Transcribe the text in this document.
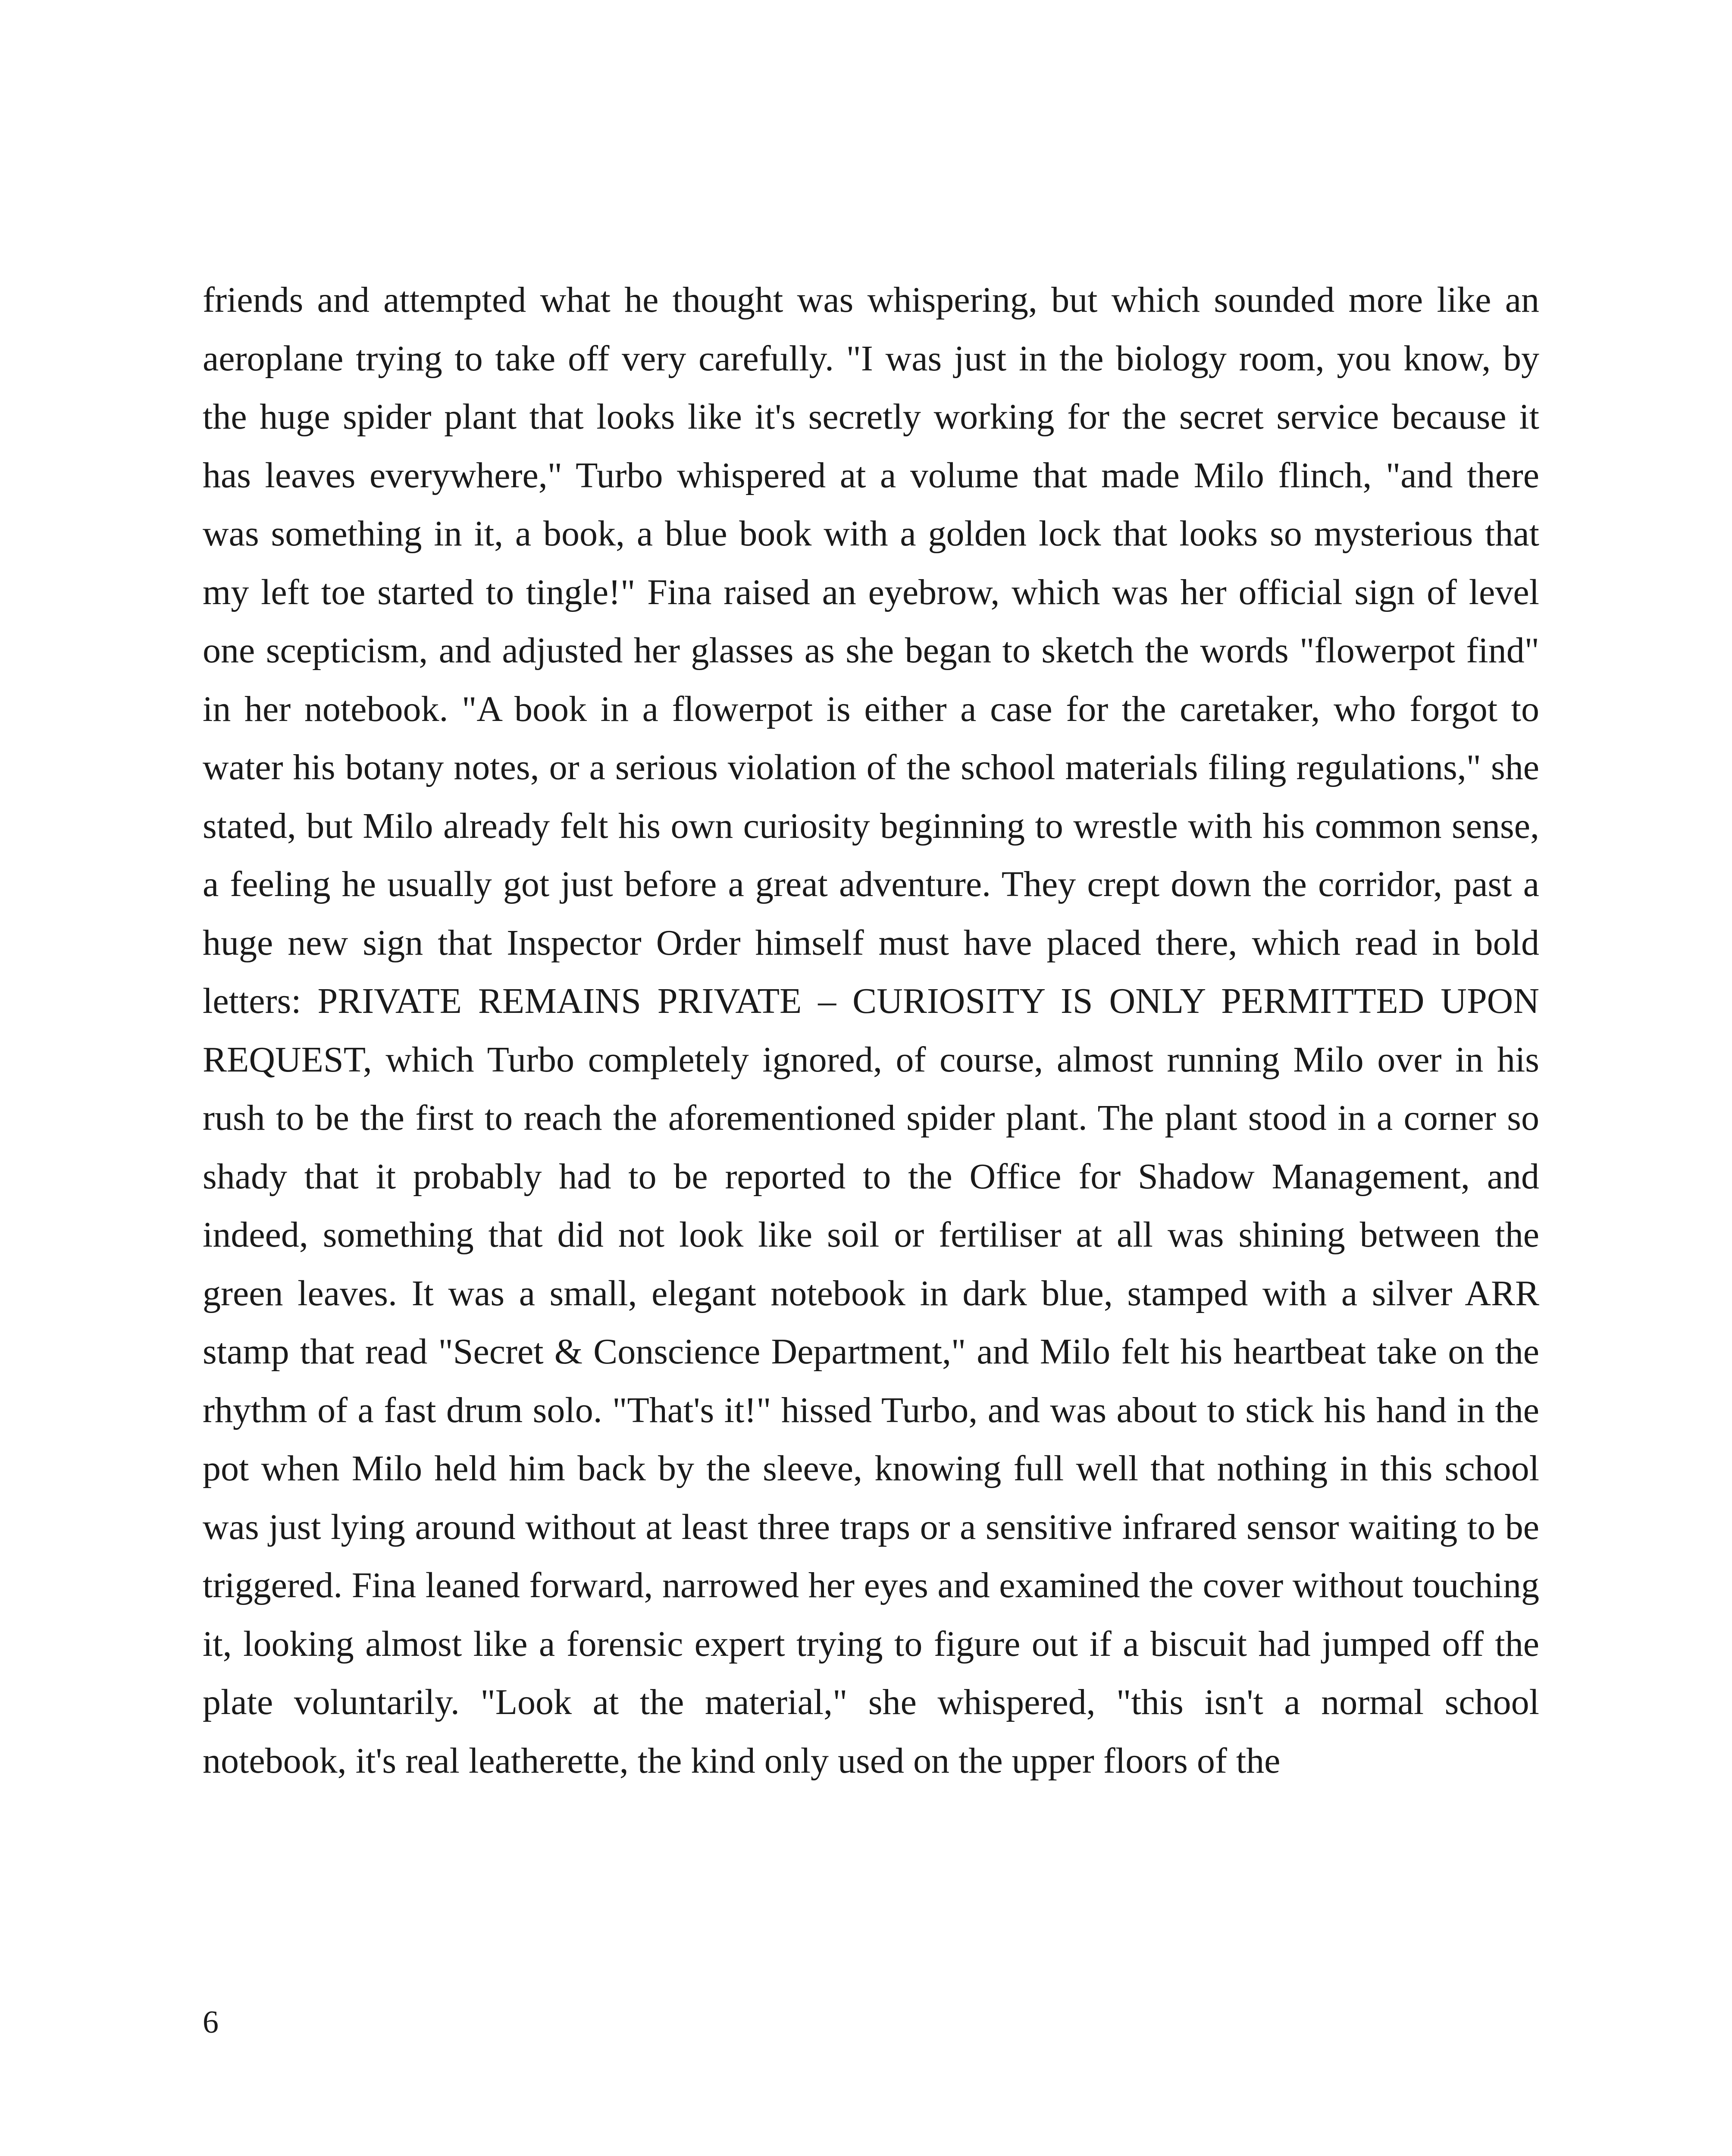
friends and attempted what he thought was whispering, but which sounded more like an aeroplane trying to take off very carefully. "I was just in the biology room, you know, by the huge spider plant that looks like it's secretly working for the secret service because it has leaves everywhere," Turbo whispered at a volume that made Milo flinch, "and there was something in it, a book, a blue book with a golden lock that looks so mysterious that my left toe started to tingle!" Fina raised an eyebrow, which was her official sign of level one scepticism, and adjusted her glasses as she began to sketch the words "flowerpot find" in her notebook. "A book in a flowerpot is either a case for the caretaker, who forgot to water his botany notes, or a serious violation of the school materials filing regulations," she stated, but Milo already felt his own curiosity beginning to wrestle with his common sense, a feeling he usually got just before a great adventure. They crept down the corridor, past a huge new sign that Inspector Order himself must have placed there, which read in bold letters: PRIVATE REMAINS PRIVATE – CURIOSITY IS ONLY PERMITTED UPON REQUEST, which Turbo completely ignored, of course, almost running Milo over in his rush to be the first to reach the aforementioned spider plant. The plant stood in a corner so shady that it probably had to be reported to the Office for Shadow Management, and indeed, something that did not look like soil or fertiliser at all was shining between the green leaves. It was a small, elegant notebook in dark blue, stamped with a silver ARR stamp that read "Secret & Conscience Department," and Milo felt his heartbeat take on the rhythm of a fast drum solo. "That's it!" hissed Turbo, and was about to stick his hand in the pot when Milo held him back by the sleeve, knowing full well that nothing in this school was just lying around without at least three traps or a sensitive infrared sensor waiting to be triggered. Fina leaned forward, narrowed her eyes and examined the cover without touching it, looking almost like a forensic expert trying to figure out if a biscuit had jumped off the plate voluntarily. "Look at the material," she whispered, "this isn't a normal school notebook, it's real leatherette, the kind only used on the upper floors of the

6
